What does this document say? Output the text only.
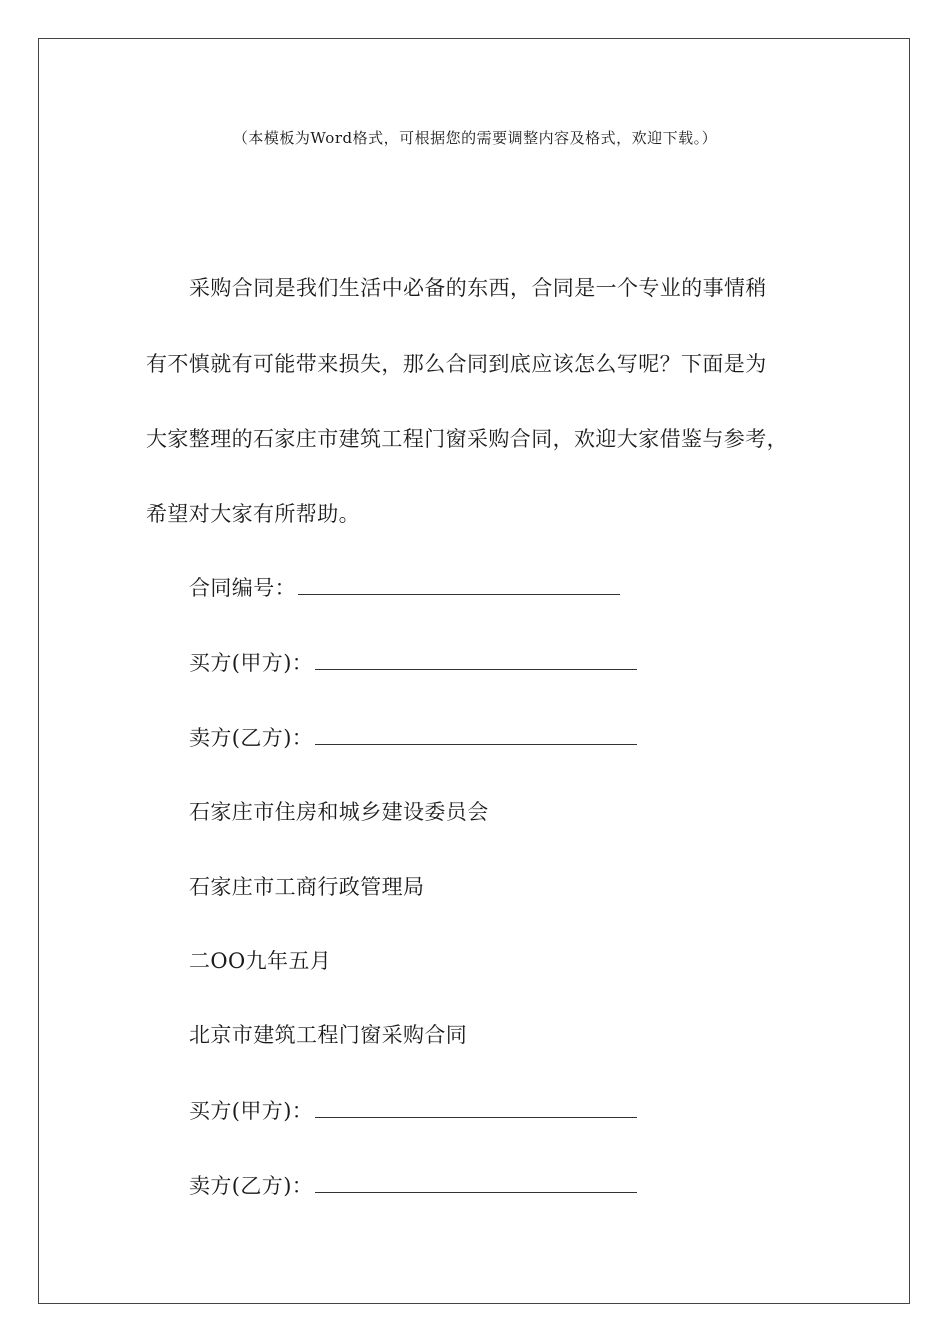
（本模板为Word格式，可根据您的需要调整内容及格式，欢迎下载。）
采购合同是我们生活中必备的东西，合同是一个专业的事情稍
有不慎就有可能带来损失，那么合同到底应该怎么写呢？下面是为
大家整理的石家庄市建筑工程门窗采购合同，欢迎大家借鉴与参考，
希望对大家有所帮助。
合同编号：
买方(甲方)：
卖方(乙方)：
石家庄市住房和城乡建设委员会
石家庄市工商行政管理局
二OO九年五月
北京市建筑工程门窗采购合同
买方(甲方)：
卖方(乙方)：
